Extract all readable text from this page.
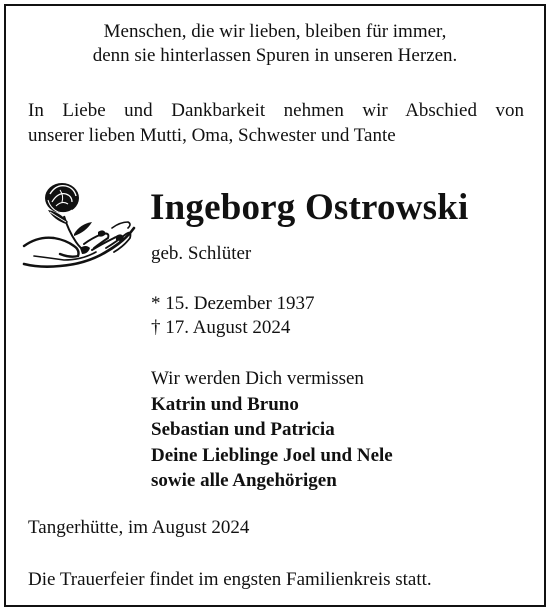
Menschen, die wir lieben, bleiben für immer,
denn sie hinterlassen Spuren in unseren Herzen.
In Liebe und Dankbarkeit nehmen wir Abschied von
unserer lieben Mutti, Oma, Schwester und Tante
Ingeborg Ostrowski
geb. Schlüter
* 15. Dezember 1937
† 17. August 2024
Wir werden Dich vermissen
Katrin und Bruno
Sebastian und Patricia
Deine Lieblinge Joel und Nele
sowie alle Angehörigen
Tangerhütte, im August 2024
Die Trauerfeier findet im engsten Familienkreis statt.
